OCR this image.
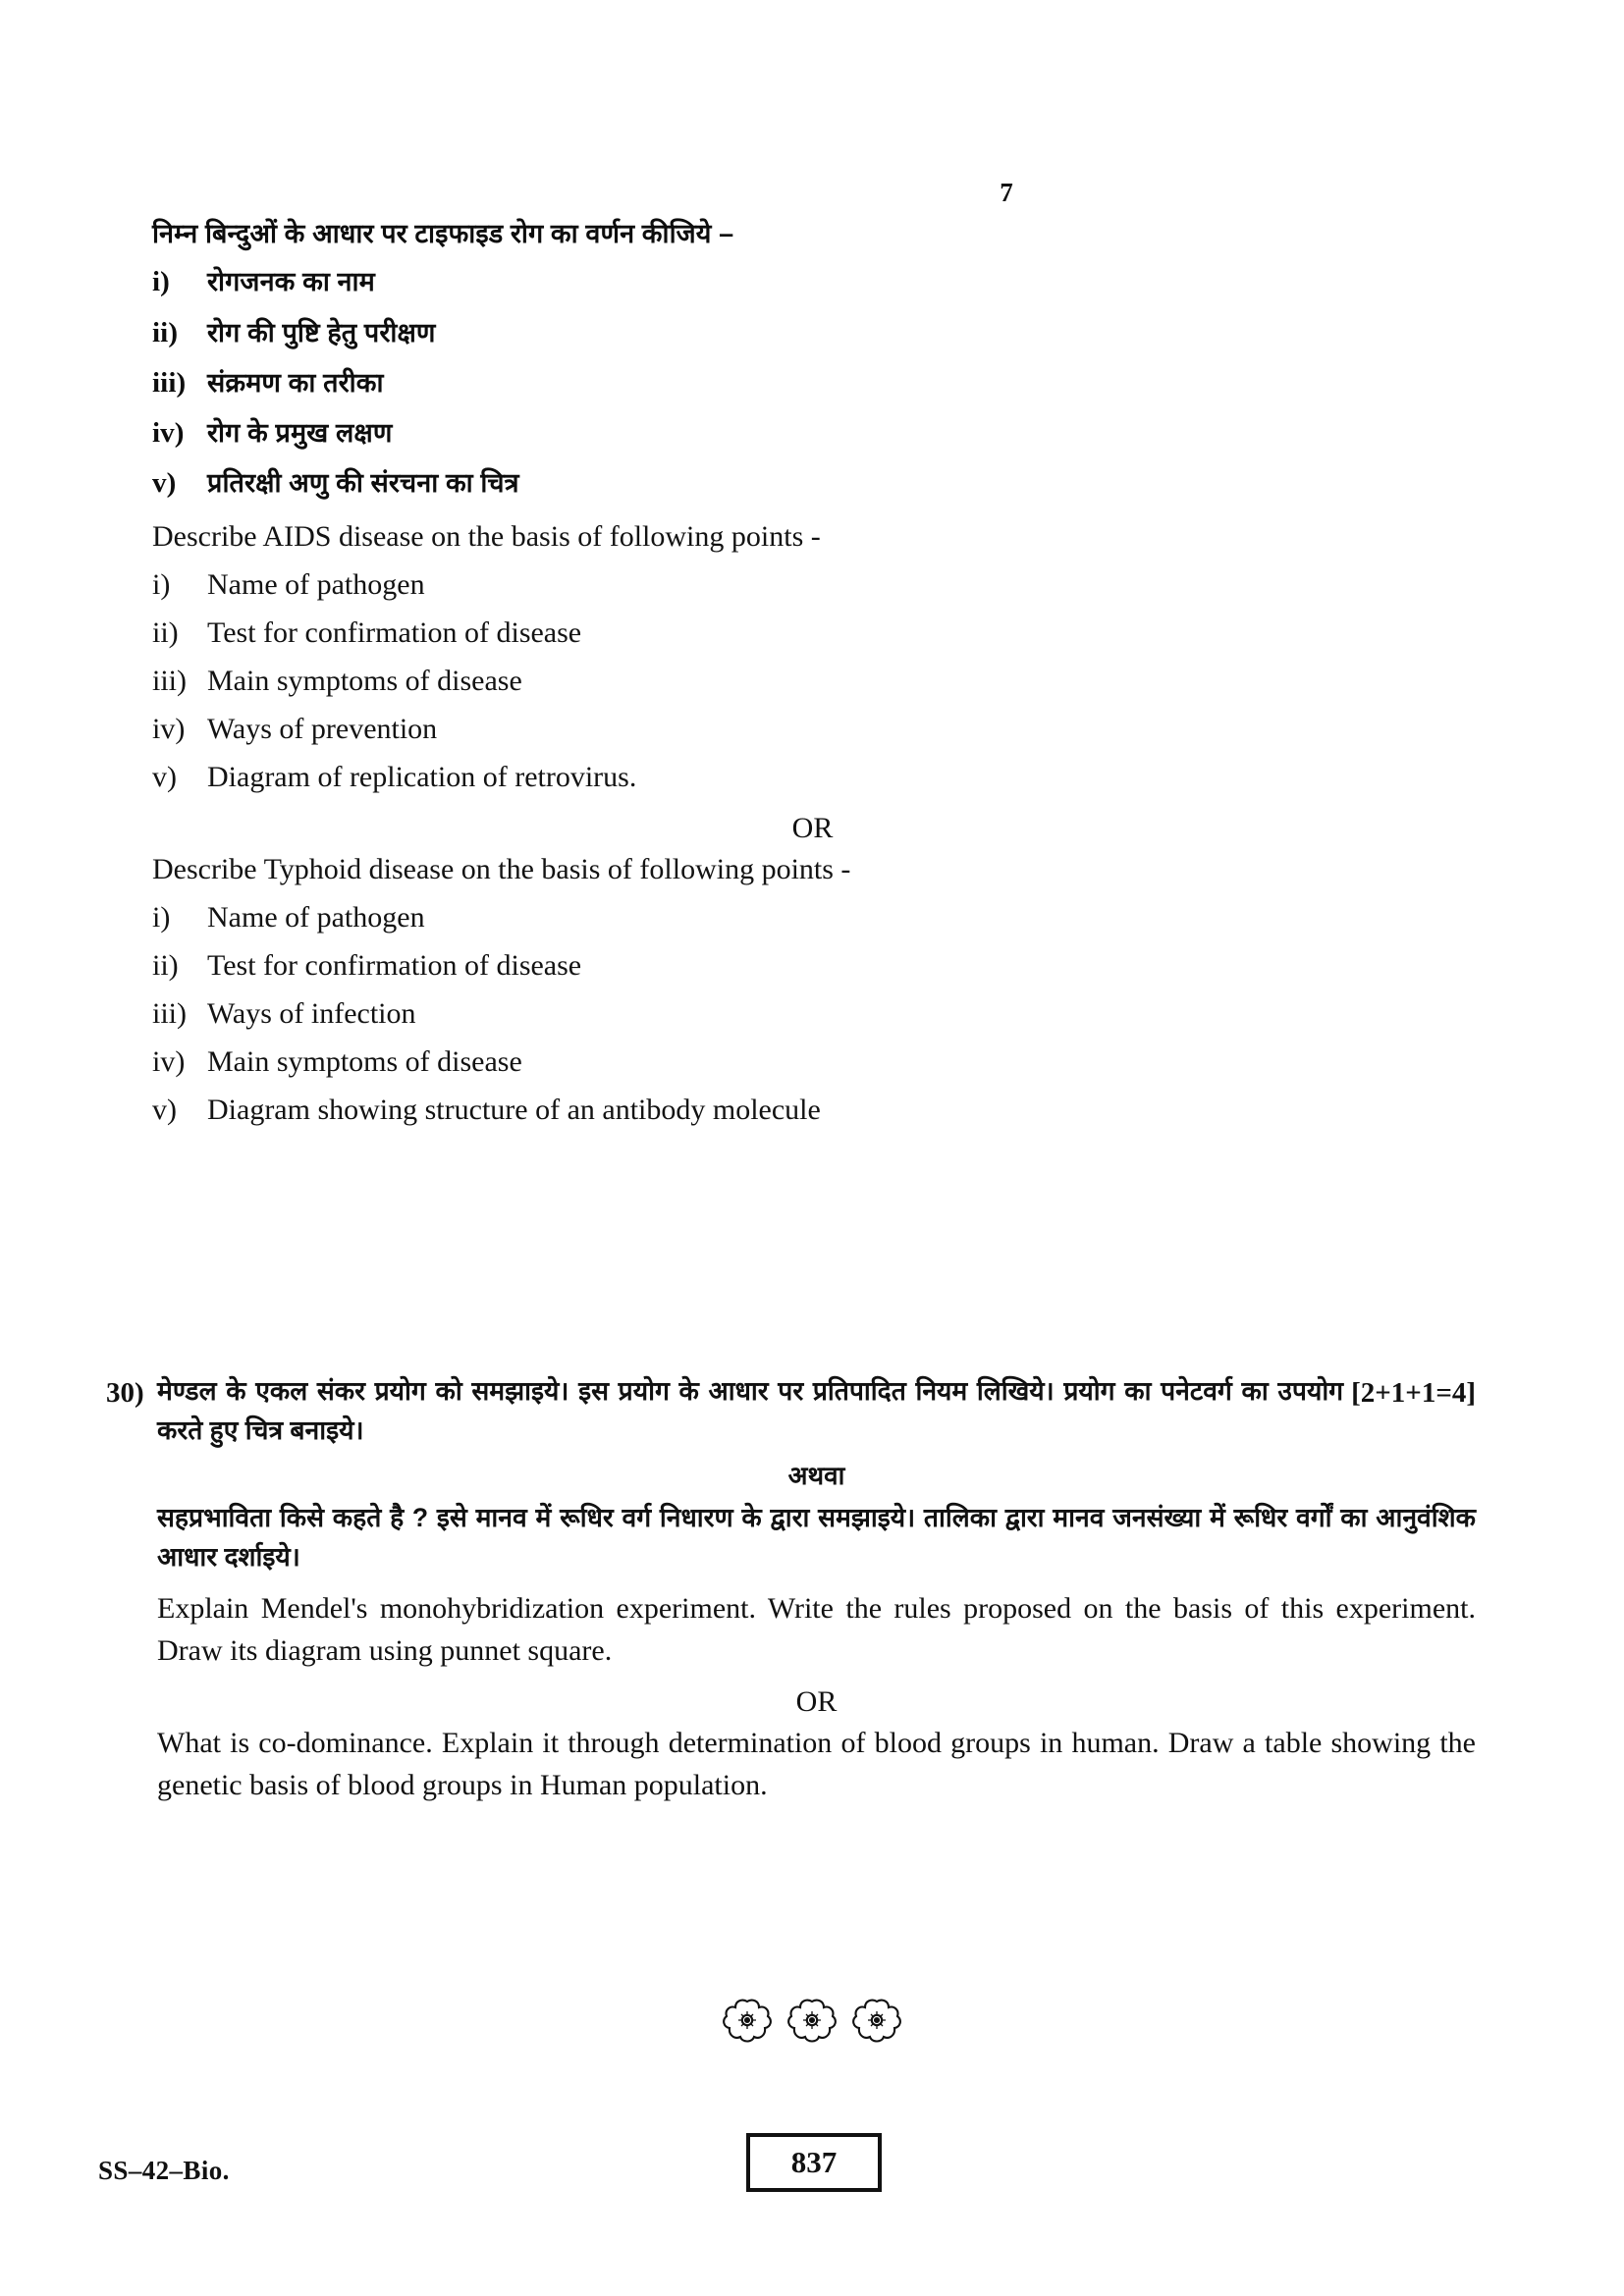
7
निम्न बिन्दुओं के आधार पर टाइफाइड रोग का वर्णन कीजिये –
i)	रोगजनक का नाम
ii)	रोग की पुष्टि हेतु परीक्षण
iii) संक्रमण का तरीका
iv) रोग के प्रमुख लक्षण
v)	प्रतिरक्षी अणु की संरचना का चित्र
Describe AIDS disease on the basis of following points -
i)	Name of pathogen
ii) Test for confirmation of disease
iii) Main symptoms of disease
iv) Ways of prevention
v)	Diagram of replication of retrovirus.
OR
Describe Typhoid disease on the basis of following points -
i)	Name of pathogen
ii) Test for confirmation of disease
iii) Ways of infection
iv) Main symptoms of disease
v)	Diagram showing structure of an antibody molecule
30)	[2+1+1=4]
मेण्डल के एकल संकर प्रयोग को समझाइये। इस प्रयोग के आधार पर प्रतिपादित नियम लिखिये। प्रयोग का पनेटवर्ग का उपयोग करते हुए चित्र बनाइये।
अथवा
सहप्रभाविता किसे कहते है ? इसे मानव में रूधिर वर्ग निधारण के द्वारा समझाइये। तालिका द्वारा मानव जनसंख्या में रूधिर वर्गों का आनुवंशिक आधार दर्शाइये।
Explain Mendel's monohybridization experiment. Write the rules proposed on the basis of this experiment. Draw its diagram using punnet square.
OR
What is co-dominance. Explain it through determination of blood groups in human. Draw a table showing the genetic basis of blood groups in Human population.
SS–42–Bio.	837
